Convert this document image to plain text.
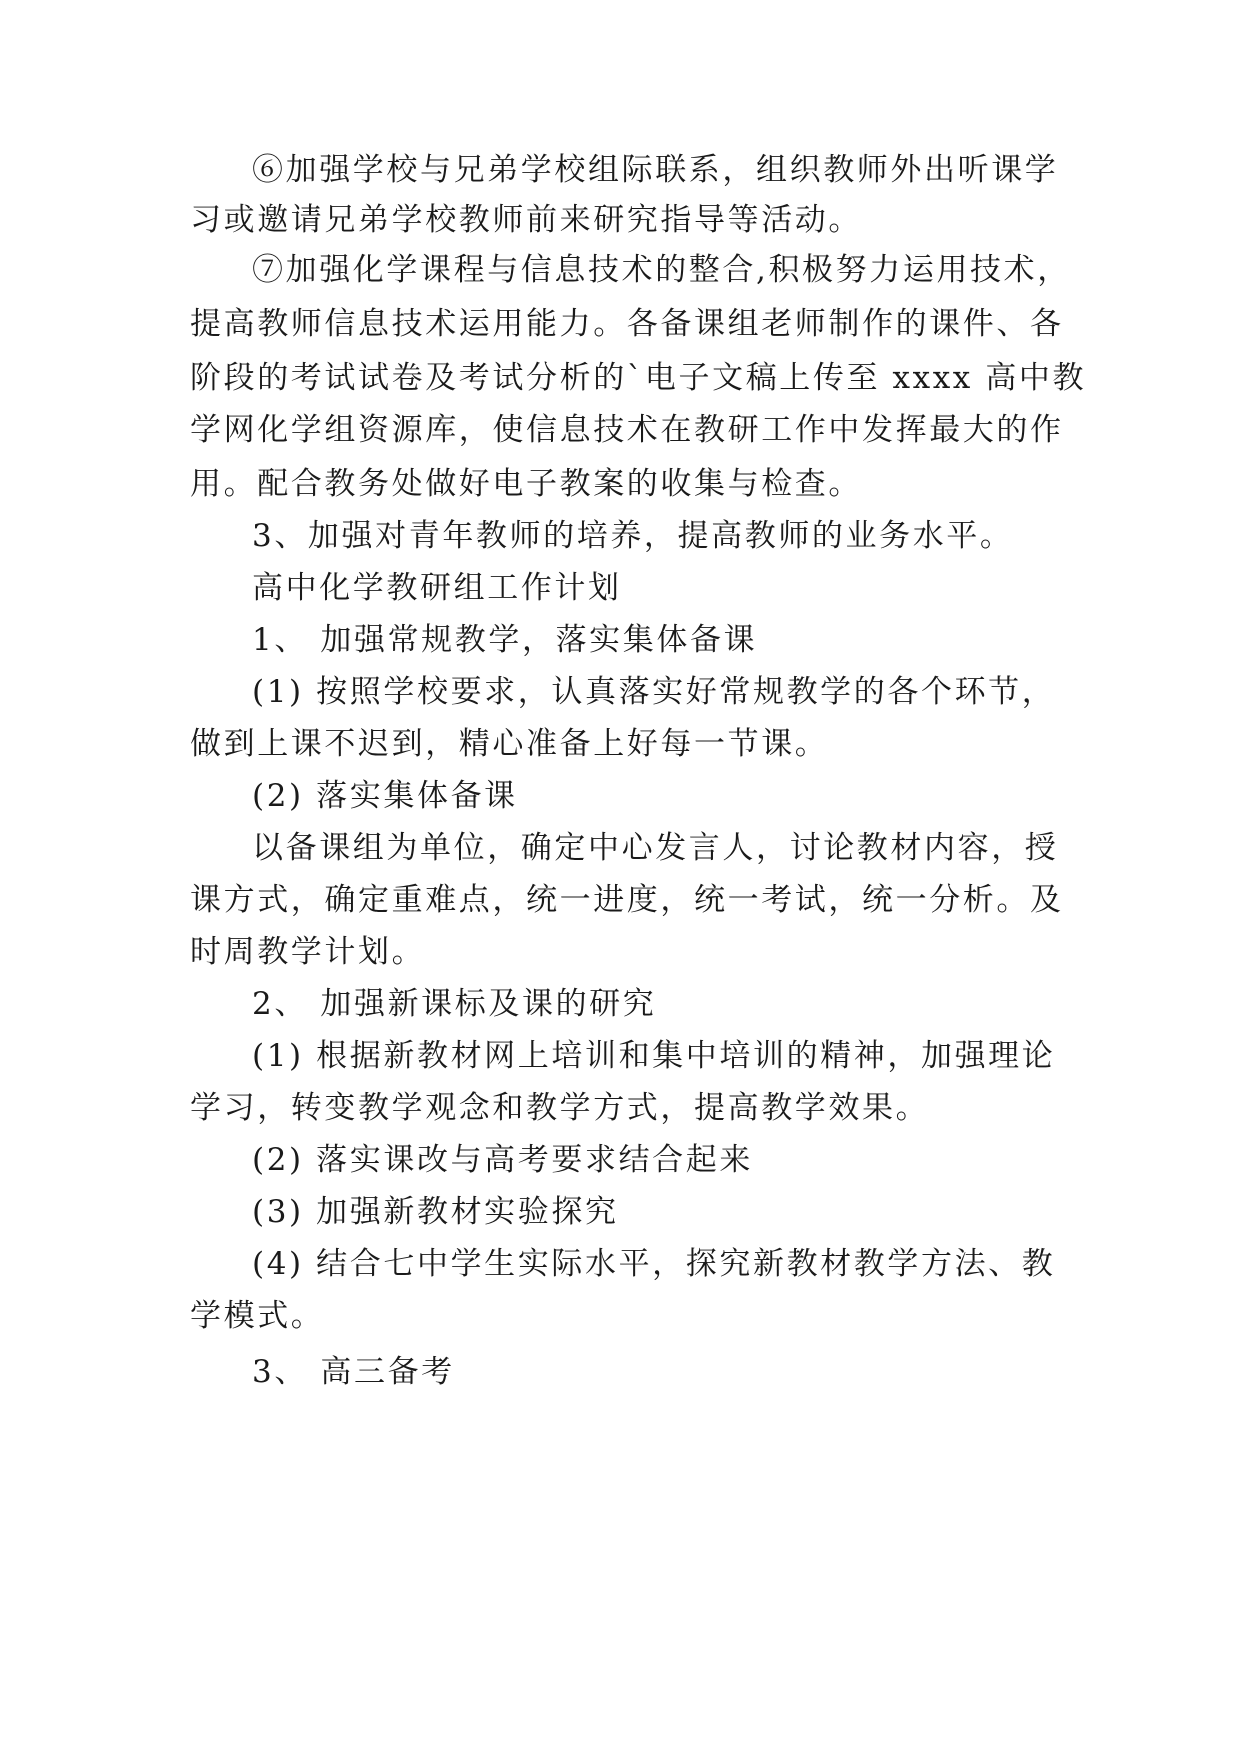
⑥加强学校与兄弟学校组际联系，组织教师外出听课学

习或邀请兄弟学校教师前来研究指导等活动。

⑦加强化学课程与信息技术的整合,积极努力运用技术，

提高教师信息技术运用能力。各备课组老师制作的课件、各

阶段的考试试卷及考试分析的`电子文稿上传至 xxxx 高中教

学网化学组资源库，使信息技术在教研工作中发挥最大的作

用。配合教务处做好电子教案的收集与检查。

3、加强对青年教师的培养，提高教师的业务水平。

高中化学教研组工作计划

1、 加强常规教学，落实集体备课

(1) 按照学校要求，认真落实好常规教学的各个环节，

做到上课不迟到，精心准备上好每一节课。

(2) 落实集体备课

以备课组为单位，确定中心发言人，讨论教材内容，授

课方式，确定重难点，统一进度，统一考试，统一分析。及

时周教学计划。

2、 加强新课标及课的研究

(1) 根据新教材网上培训和集中培训的精神，加强理论

学习，转变教学观念和教学方式，提高教学效果。

(2) 落实课改与高考要求结合起来

(3) 加强新教材实验探究

(4) 结合七中学生实际水平，探究新教材教学方法、教

学模式。

3、 高三备考
